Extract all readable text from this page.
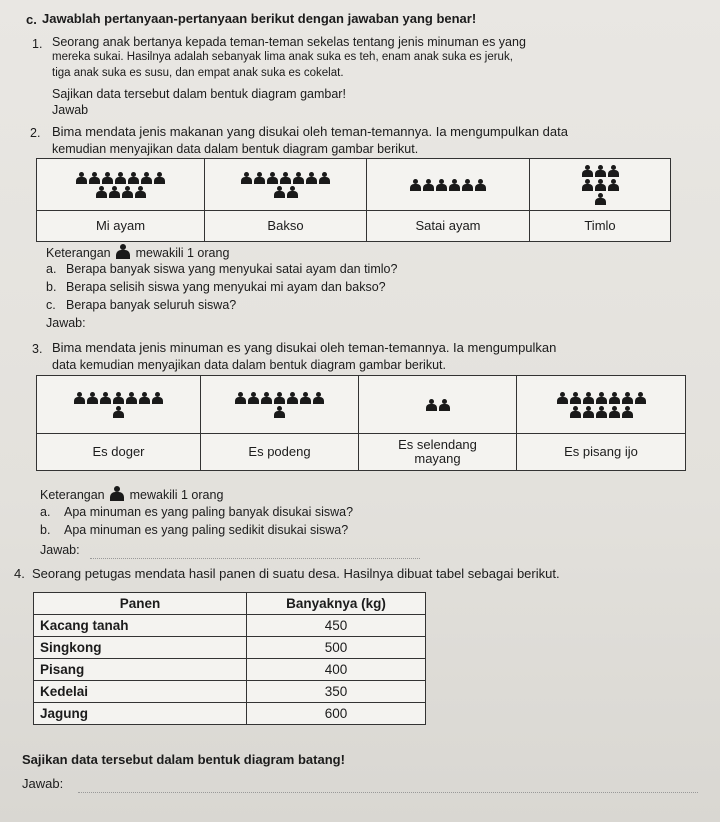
c. Jawablah pertanyaan-pertanyaan berikut dengan jawaban yang benar!
1. Seorang anak bertanya kepada teman-teman sekelas tentang jenis minuman es yang
mereka sukai. Hasilnya adalah sebanyak lima anak suka es teh, enam anak suka es jeruk,
tiga anak suka es susu, dan empat anak suka es cokelat.
Sajikan data tersebut dalam bentuk diagram gambar!
Jawab
2. Bima mendata jenis makanan yang disukai oleh teman-temannya. Ia mengumpulkan data
kemudian menyajikan data dalam bentuk diagram gambar berikut.
Mi ayam	Bakso	Satai ayam	Timlo
Keterangan mewakili 1 orang
a. Berapa banyak siswa yang menyukai satai ayam dan timlo?
b. Berapa selisih siswa yang menyukai mi ayam dan bakso?
c. Berapa banyak seluruh siswa?
Jawab:
3. Bima mendata jenis minuman es yang disukai oleh teman-temannya. Ia mengumpulkan
data kemudian menyajikan data dalam bentuk diagram gambar berikut.
Es doger	Es podeng	Es selendang mayang	Es pisang ijo
Keterangan mewakili 1 orang
a. Apa minuman es yang paling banyak disukai siswa?
b. Apa minuman es yang paling sedikit disukai siswa?
Jawab:
4. Seorang petugas mendata hasil panen di suatu desa. Hasilnya dibuat tabel sebagai berikut.
Panen	Banyaknya (kg)
Kacang tanah	450
Singkong	500
Pisang	400
Kedelai	350
Jagung	600
Sajikan data tersebut dalam bentuk diagram batang!
Jawab:
